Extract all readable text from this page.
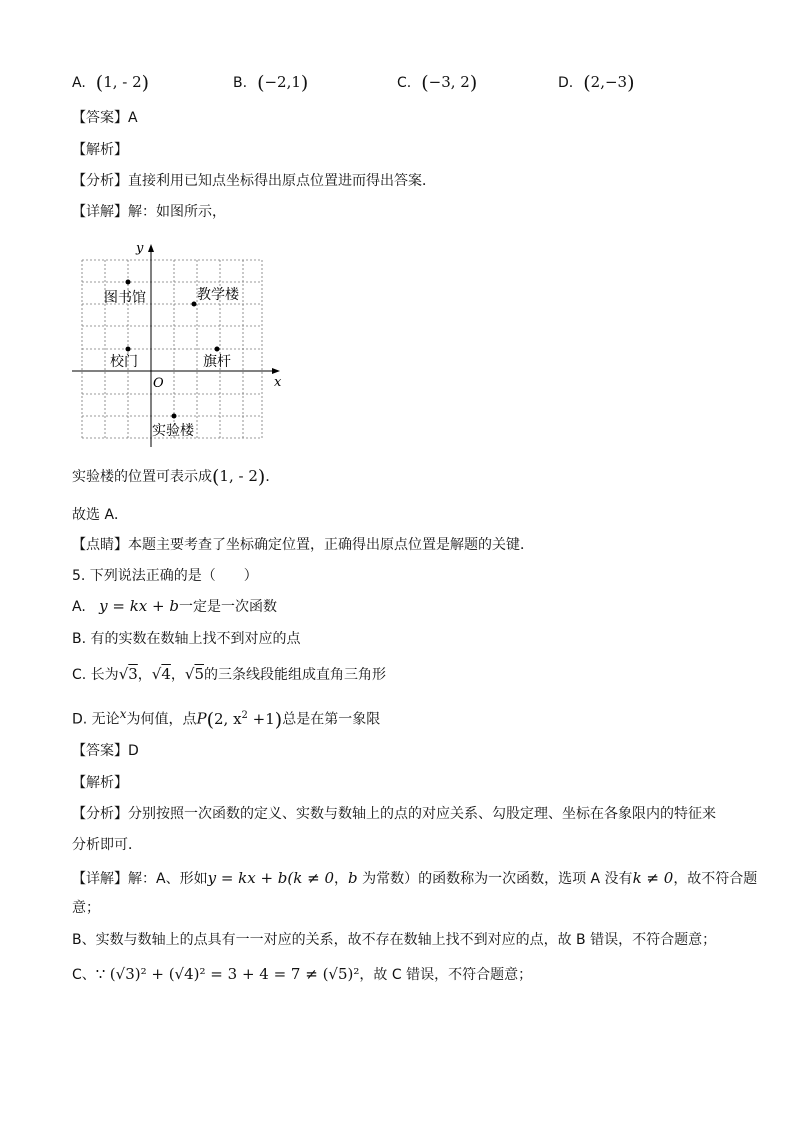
A. (1, - 2)	B. (−2,1)	C. (−3, 2)	D. (2,−3)
【答案】A
【解析】
【分析】直接利用已知点坐标得出原点位置进而得出答案．
【详解】解：如图所示，
y
x
O
图书馆	教学楼
校门	旗杆
实验楼
实验楼的位置可表示成(1, - 2)．
故选 A．
【点睛】本题主要考查了坐标确定位置，正确得出原点位置是解题的关键．
5. 下列说法正确的是（　　）
A. y = kx + b一定是一次函数
B. 有的实数在数轴上找不到对应的点
C. 长为√3，√4，√5的三条线段能组成直角三角形
D. 无论x为何值，点P(2, $x^2 +1$)总是在第一象限
【答案】D
【解析】
【分析】分别按照一次函数的定义、实数与数轴上的点的对应关系、勾股定理、坐标在各象限内的特征来
分析即可．
【详解】解：A、形如y = kx + b(k ≠ 0，b 为常数）的函数称为一次函数，选项 A 没有k ≠ 0，故不符合题
意；
B、实数与数轴上的点具有一一对应的关系，故不存在数轴上找不到对应的点，故 B 错误，不符合题意；
C、∵ (√3)² + (√4)² = 3 + 4 = 7 ≠ (√5)²，故 C 错误，不符合题意；
